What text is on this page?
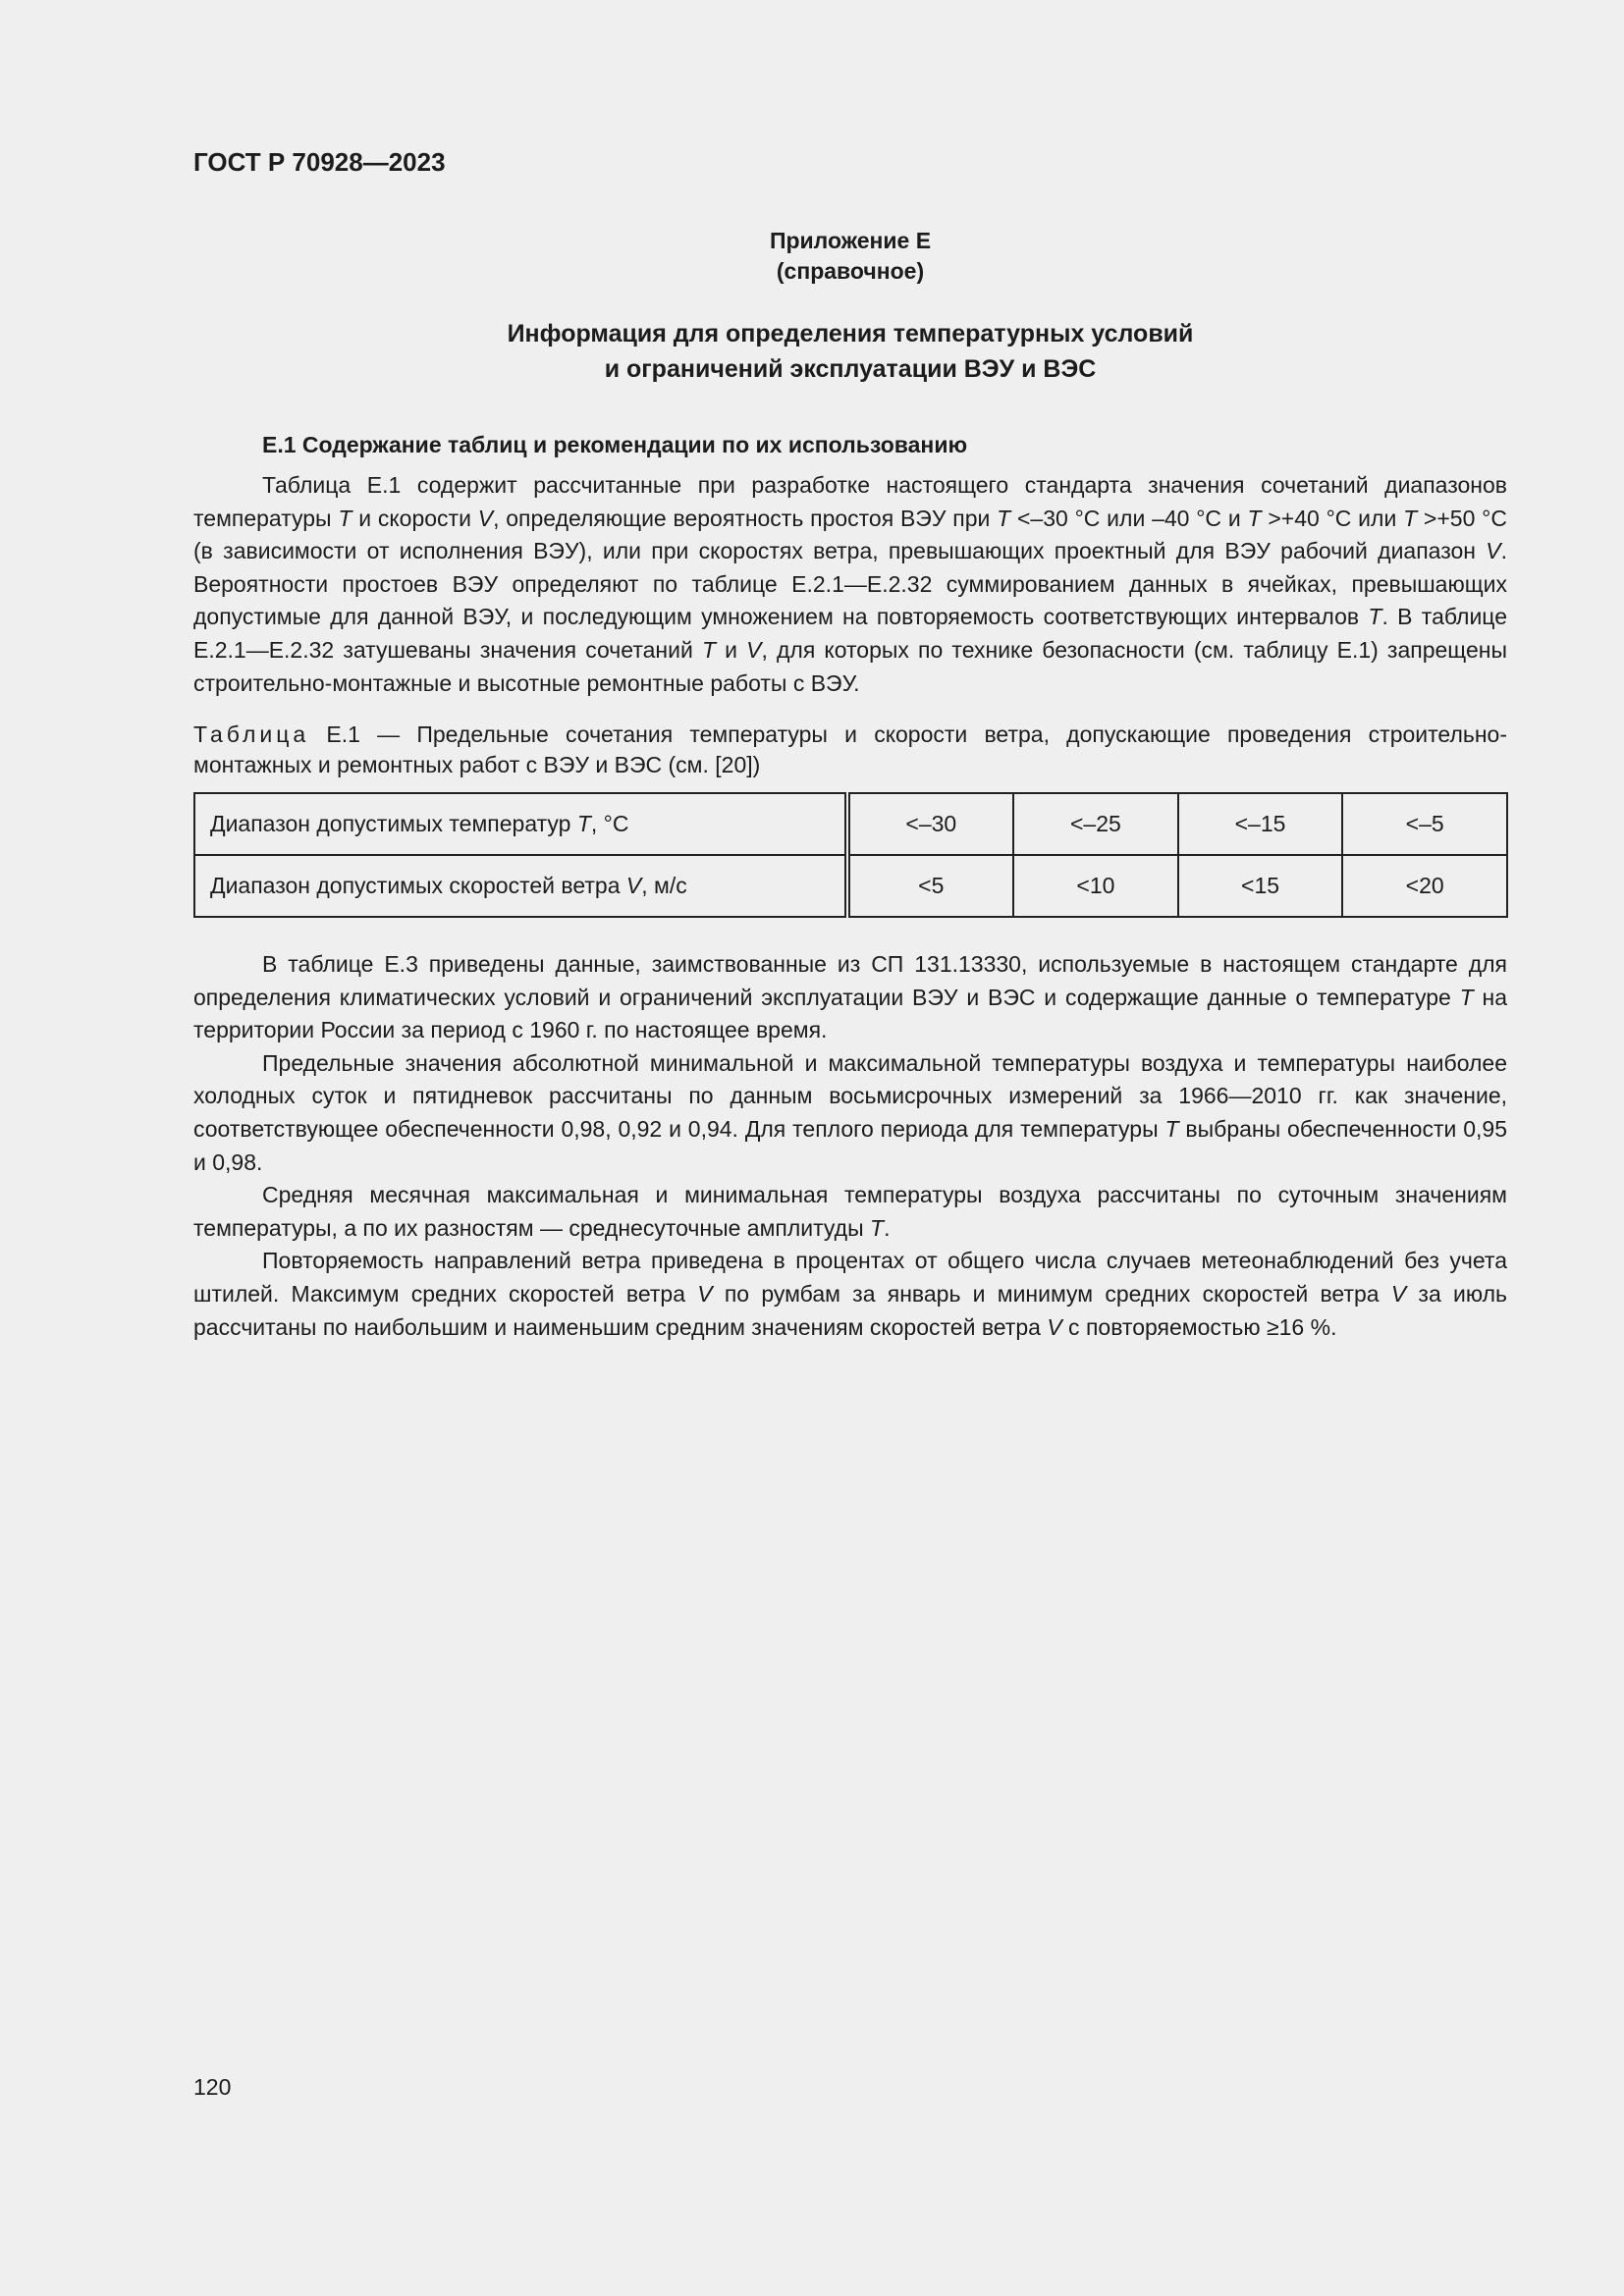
ГОСТ Р 70928—2023
Приложение Е
(справочное)
Информация для определения температурных условий
и ограничений эксплуатации ВЭУ и ВЭС
Е.1 Содержание таблиц и рекомендации по их использованию

Таблица Е.1 содержит рассчитанные при разработке настоящего стандарта значения сочетаний диапазонов температуры T и скорости V, определяющие вероятность простоя ВЭУ при T <–30 °C или –40 °C и T >+40 °C или T >+50 °C (в зависимости от исполнения ВЭУ), или при скоростях ветра, превышающих проектный для ВЭУ рабочий диапазон V. Вероятности простоев ВЭУ определяют по таблице Е.2.1—Е.2.32 суммированием данных в ячейках, превышающих допустимые для данной ВЭУ, и последующим умножением на повторяемость соответствующих интервалов T. В таблице Е.2.1—Е.2.32 затушеваны значения сочетаний T и V, для которых по технике безопасности (см. таблицу Е.1) запрещены строительно-монтажные и высотные ремонтные работы с ВЭУ.

Таблица Е.1 — Предельные сочетания температуры и скорости ветра, допускающие проведения строительно-монтажных и ремонтных работ с ВЭУ и ВЭС (см. [20])
Диапазон допустимых температур T, °C	<–30	<–25	<–15	<–5
Диапазон допустимых скоростей ветра V, м/с	<5	<10	<15	<20

В таблице Е.3 приведены данные, заимствованные из СП 131.13330, используемые в настоящем стандарте для определения климатических условий и ограничений эксплуатации ВЭУ и ВЭС и содержащие данные о температуре T на территории России за период с 1960 г. по настоящее время.

Предельные значения абсолютной минимальной и максимальной температуры воздуха и температуры наиболее холодных суток и пятидневок рассчитаны по данным восьмисрочных измерений за 1966—2010 гг. как значение, соответствующее обеспеченности 0,98, 0,92 и 0,94. Для теплого периода для температуры T выбраны обеспеченности 0,95 и 0,98.

Средняя месячная максимальная и минимальная температуры воздуха рассчитаны по суточным значениям температуры, а по их разностям — среднесуточные амплитуды T.

Повторяемость направлений ветра приведена в процентах от общего числа случаев метеонаблюдений без учета штилей. Максимум средних скоростей ветра V по румбам за январь и минимум средних скоростей ветра V за июль рассчитаны по наибольшим и наименьшим средним значениям скоростей ветра V с повторяемостью ≥16 %.

120
